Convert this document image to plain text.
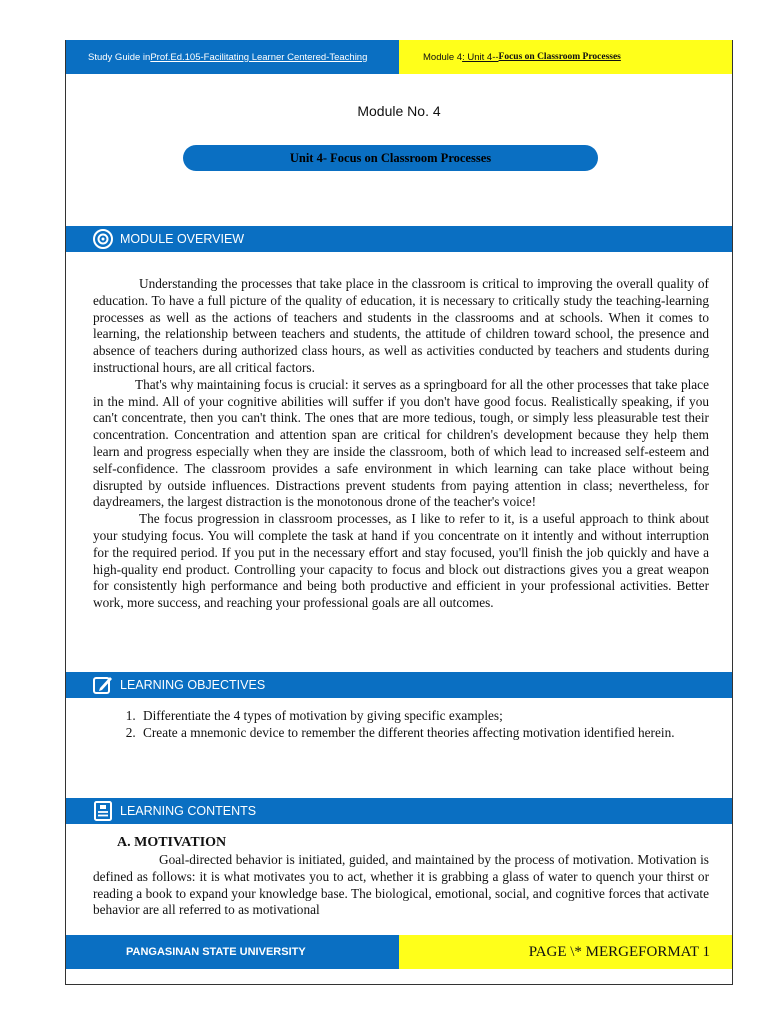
Study Guide in Prof.Ed.105-Facilitating Learner Centered-Teaching	Module 4 : Unit 4-- Focus on Classroom Processes
Module No. 4
Unit 4- Focus on Classroom Processes
MODULE OVERVIEW

Understanding the processes that take place in the classroom is critical to improving the overall quality of education. To have a full picture of the quality of education, it is necessary to critically study the teaching-learning processes as well as the actions of teachers and students in the classrooms and at schools. When it comes to learning, the relationship between teachers and students, the attitude of children toward school, the presence and absence of teachers during authorized class hours, as well as activities conducted by teachers and students during instructional hours, are all critical factors.

That's why maintaining focus is crucial: it serves as a springboard for all the other processes that take place in the mind. All of your cognitive abilities will suffer if you don't have good focus. Realistically speaking, if you can't concentrate, then you can't think. The ones that are more tedious, tough, or simply less pleasurable test their concentration. Concentration and attention span are critical for children's development because they help them learn and progress especially when they are inside the classroom, both of which lead to increased self-esteem and self-confidence. The classroom provides a safe environment in which learning can take place without being disrupted by outside influences. Distractions prevent students from paying attention in class; nevertheless, for daydreamers, the largest distraction is the monotonous drone of the teacher's voice!

The focus progression in classroom processes, as I like to refer to it, is a useful approach to think about your studying focus. You will complete the task at hand if you concentrate on it intently and without interruption for the required period. If you put in the necessary effort and stay focused, you'll finish the job quickly and have a high-quality end product. Controlling your capacity to focus and block out distractions gives you a great weapon for consistently high performance and being both productive and efficient in your professional activities. Better work, more success, and reaching your professional goals are all outcomes.

LEARNING OBJECTIVES
1. Differentiate the 4 types of motivation by giving specific examples;
2. Create a mnemonic device to remember the different theories affecting motivation identified herein.
LEARNING CONTENTS
A. MOTIVATION

Goal-directed behavior is initiated, guided, and maintained by the process of motivation. Motivation is defined as follows: it is what motivates you to act, whether it is grabbing a glass of water to quench your thirst or reading a book to expand your knowledge base. The biological, emotional, social, and cognitive forces that activate behavior are all referred to as motivational

PANGASINAN STATE UNIVERSITY	PAGE \* MERGEFORMAT 1
